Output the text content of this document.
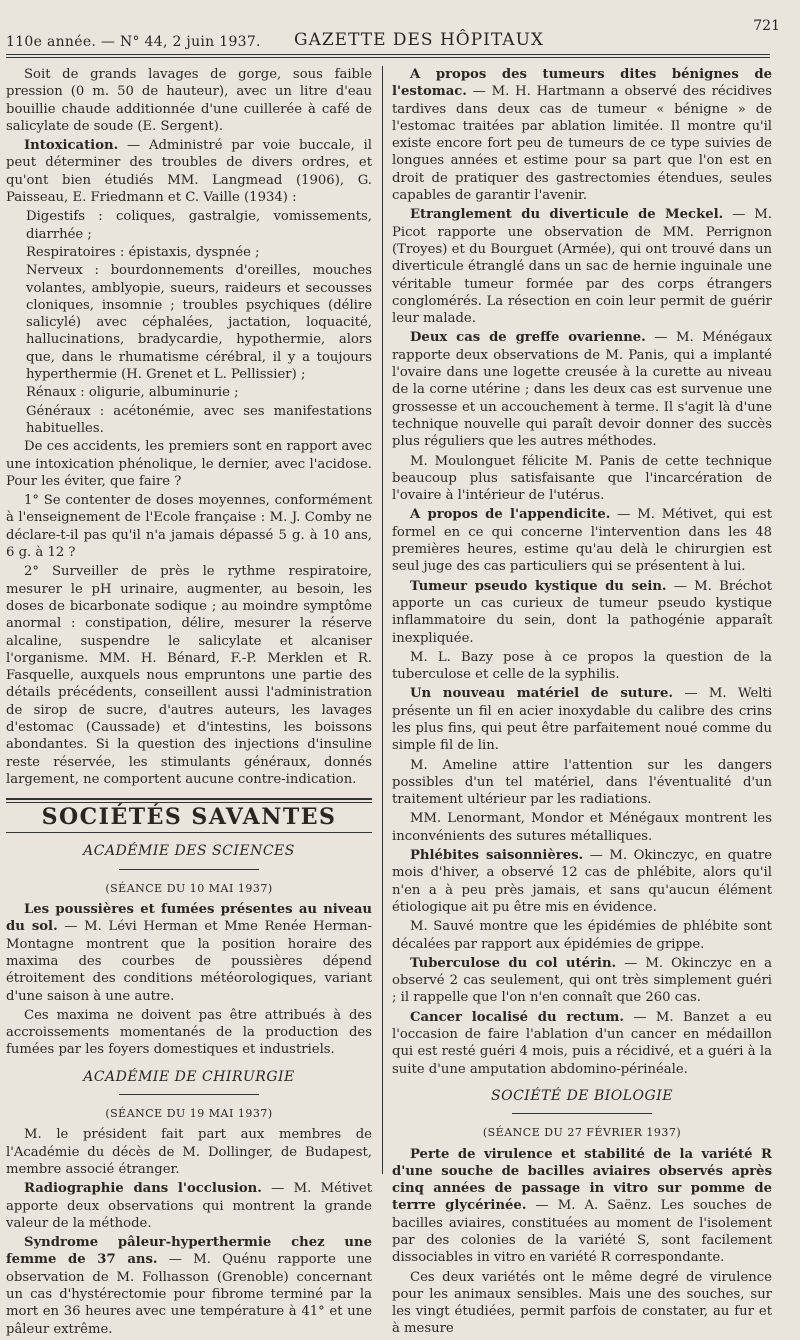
110e année. — N° 44, 2 juin 1937. GAZETTE DES HÔPITAUX
721

Soit de grands lavages de gorge, sous faible pression (0 m. 50 de hauteur), avec un litre d'eau bouillie chaude additionnée d'une cuillerée à café de salicylate de soude (E. Sergent).

Intoxication. — Administré par voie buccale, il peut déterminer des troubles de divers ordres, et qu'ont bien étudiés MM. Langmead (1906), G. Paisseau, E. Friedmann et C. Vaille (1934) :

Digestifs : coliques, gastralgie, vomissements, diarrhée ;

Respiratoires : épistaxis, dyspnée ;

Nerveux : bourdonnements d'oreilles, mouches volantes, amblyopie, sueurs, raideurs et secousses cloniques, insomnie ; troubles psychiques (délire salicylé) avec céphalées, jactation, loquacité, hallucinations, bradycardie, hypothermie, alors que, dans le rhumatisme cérébral, il y a toujours hyperthermie (H. Grenet et L. Pellissier) ;

Rénaux : oligurie, albuminurie ;

Généraux : acétonémie, avec ses manifestations habituelles.

De ces accidents, les premiers sont en rapport avec une intoxication phénolique, le dernier, avec l'acidose. Pour les éviter, que faire ?

1° Se contenter de doses moyennes, conformément à l'enseignement de l'Ecole française : M. J. Comby ne déclare-t-il pas qu'il n'a jamais dépassé 5 g. à 10 ans, 6 g. à 12 ?

2° Surveiller de près le rythme respiratoire, mesurer le pH urinaire, augmenter, au besoin, les doses de bicarbonate sodique ; au moindre symptôme anormal : constipation, délire, mesurer la réserve alcaline, suspendre le salicylate et alcaniser l'organisme. MM. H. Bénard, F.-P. Merklen et R. Fasquelle, auxquels nous empruntons une partie des détails précédents, conseillent aussi l'administration de sirop de sucre, d'autres auteurs, les lavages d'estomac (Caussade) et d'intestins, les boissons abondantes. Si la question des injections d'insuline reste réservée, les stimulants généraux, donnés largement, ne comportent aucune contre-indication.

SOCIÉTÉS SAVANTES
ACADÉMIE DES SCIENCES
(SÉANCE DU 10 MAI 1937)

Les poussières et fumées présentes au niveau du sol. — M. Lévi Herman et Mme Renée Herman-Montagne montrent que la position horaire des maxima des courbes de poussières dépend étroitement des conditions météorologiques, variant d'une saison à une autre.

Ces maxima ne doivent pas être attribués à des accroissements momentanés de la production des fumées par les foyers domestiques et industriels.

ACADÉMIE DE CHIRURGIE
(SÉANCE DU 19 MAI 1937)

M. le président fait part aux membres de l'Académie du décès de M. Dollinger, de Budapest, membre associé étranger.

Radiographie dans l'occlusion. — M. Métivet apporte deux observations qui montrent la grande valeur de la méthode.

Syndrome pâleur-hyperthermie chez une femme de 37 ans. — M. Quénu rapporte une observation de M. Follıasson (Grenoble) concernant un cas d'hystérectomie pour fibrome terminé par la mort en 36 heures avec une température à 41° et une pâleur extrême.

A propos des tumeurs dites bénignes de l'estomac. — M. H. Hartmann a observé des récidives tardives dans deux cas de tumeur « bénigne » de l'estomac traitées par ablation limitée. Il montre qu'il existe encore fort peu de tumeurs de ce type suivies de longues années et estime pour sa part que l'on est en droit de pratiquer des gastrectomies étendues, seules capables de garantir l'avenir.

Etranglement du diverticule de Meckel. — M. Picot rapporte une observation de MM. Perrignon (Troyes) et du Bourguet (Armée), qui ont trouvé dans un diverticule étranglé dans un sac de hernie inguinale une véritable tumeur formée par des corps étrangers conglomérés. La résection en coin leur permit de guérir leur malade.

Deux cas de greffe ovarienne. — M. Ménégaux rapporte deux observations de M. Panis, qui a implanté l'ovaire dans une logette creusée à la curette au niveau de la corne utérine ; dans les deux cas est survenue une grossesse et un accouchement à terme. Il s'agit là d'une technique nouvelle qui paraît devoir donner des succès plus réguliers que les autres méthodes.

M. Moulonguet félicite M. Panis de cette technique beaucoup plus satisfaisante que l'incarcération de l'ovaire à l'intérieur de l'utérus.

A propos de l'appendicite. — M. Métivet, qui est formel en ce qui concerne l'intervention dans les 48 premières heures, estime qu'au delà le chirurgien est seul juge des cas particuliers qui se présentent à lui.

Tumeur pseudo kystique du sein. — M. Bréchot apporte un cas curieux de tumeur pseudo kystique inflammatoire du sein, dont la pathogénie apparaît inexpliquée.

M. L. Bazy pose à ce propos la question de la tuberculose et celle de la syphilis.

Un nouveau matériel de suture. — M. Welti présente un fil en acier inoxydable du calibre des crins les plus fins, qui peut être parfaitement noué comme du simple fil de lin.

M. Ameline attire l'attention sur les dangers possibles d'un tel matériel, dans l'éventualité d'un traitement ultérieur par les radiations.

MM. Lenormant, Mondor et Ménégaux montrent les inconvénients des sutures métalliques.

Phlébites saisonnières. — M. Okinczyc, en quatre mois d'hiver, a observé 12 cas de phlébite, alors qu'il n'en a à peu près jamais, et sans qu'aucun élément étiologique ait pu être mis en évidence.

M. Sauvé montre que les épidémies de phlébite sont décalées par rapport aux épidémies de grippe.

Tuberculose du col utérin. — M. Okinczyc en a observé 2 cas seulement, qui ont très simplement guéri ; il rappelle que l'on n'en connaît que 260 cas.

Cancer localisé du rectum. — M. Banzet a eu l'occasion de faire l'ablation d'un cancer en médaillon qui est resté guéri 4 mois, puis a récidivé, et a guéri à la suite d'une amputation abdomino-périnéale.

SOCIÉTÉ DE BIOLOGIE
(SÉANCE DU 27 FÉVRIER 1937)

Perte de virulence et stabilité de la variété R d'une souche de bacilles aviaires observés après cinq années de passage in vitro sur pomme de terrre glycérinée. — M. A. Saënz. Les souches de bacilles aviaires, constituées au moment de l'isolement par des colonies de la variété S, sont facilement dissociables in vitro en variété R correspondante.

Ces deux variétés ont le même degré de virulence pour les animaux sensibles. Mais une des souches, sur les vingt étudiées, permit parfois de constater, au fur et à mesure
